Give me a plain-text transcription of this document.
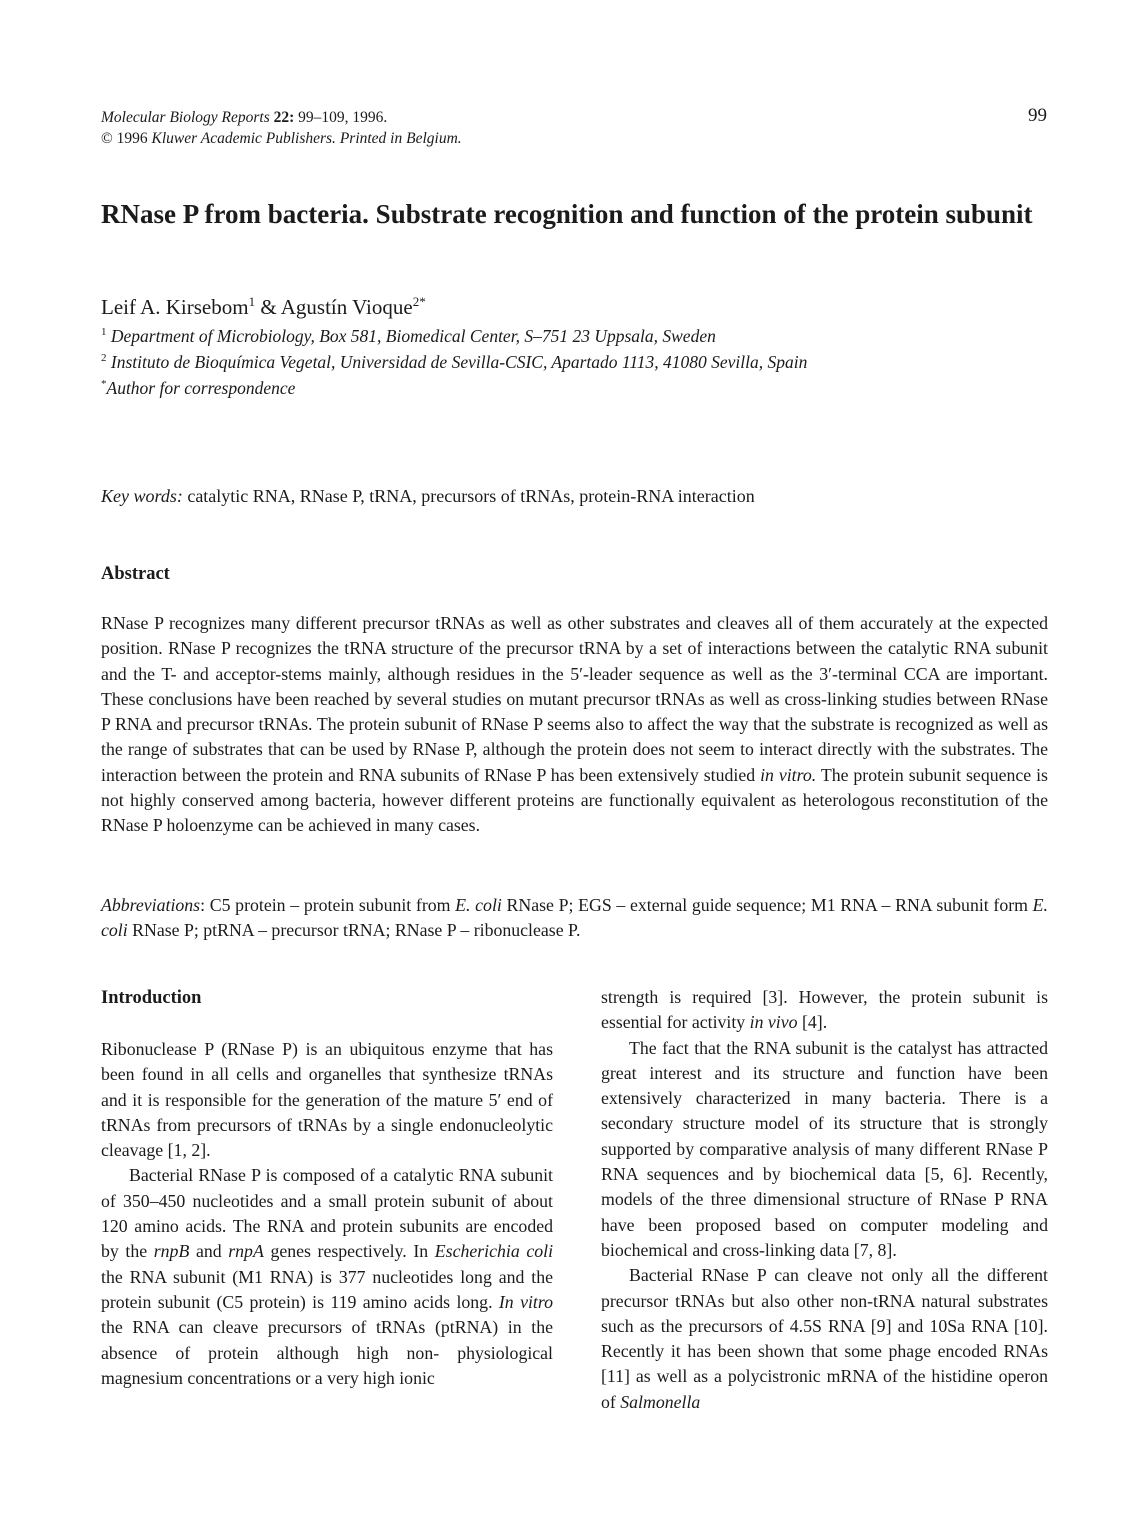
Molecular Biology Reports 22: 99–109, 1996.
© 1996 Kluwer Academic Publishers. Printed in Belgium.
99
RNase P from bacteria. Substrate recognition and function of the protein subunit
Leif A. Kirsebom$^1$ & Agustín Vioque$^{2*}$
$^1$ Department of Microbiology, Box 581, Biomedical Center, S–751 23 Uppsala, Sweden
$^2$ Instituto de Bioquímica Vegetal, Universidad de Sevilla-CSIC, Apartado 1113, 41080 Sevilla, Spain
*Author for correspondence
Key words: catalytic RNA, RNase P, tRNA, precursors of tRNAs, protein-RNA interaction
Abstract
RNase P recognizes many different precursor tRNAs as well as other substrates and cleaves all of them accurately at the expected position. RNase P recognizes the tRNA structure of the precursor tRNA by a set of interactions between the catalytic RNA subunit and the T- and acceptor-stems mainly, although residues in the 5′-leader sequence as well as the 3′-terminal CCA are important. These conclusions have been reached by several studies on mutant precursor tRNAs as well as cross-linking studies between RNase P RNA and precursor tRNAs. The protein subunit of RNase P seems also to affect the way that the substrate is recognized as well as the range of substrates that can be used by RNase P, although the protein does not seem to interact directly with the substrates. The interaction between the protein and RNA subunits of RNase P has been extensively studied in vitro. The protein subunit sequence is not highly conserved among bacteria, however different proteins are functionally equivalent as heterologous reconstitution of the RNase P holoenzyme can be achieved in many cases.
Abbreviations: C5 protein – protein subunit from E. coli RNase P; EGS – external guide sequence; M1 RNA – RNA subunit form E. coli RNase P; ptRNA – precursor tRNA; RNase P – ribonuclease P.
Introduction

Ribonuclease P (RNase P) is an ubiquitous enzyme that has been found in all cells and organelles that synthesize tRNAs and it is responsible for the generation of the mature 5′ end of tRNAs from precursors of tRNAs by a single endonucleolytic cleavage [1, 2].

Bacterial RNase P is composed of a catalytic RNA subunit of 350–450 nucleotides and a small protein subunit of about 120 amino acids. The RNA and protein subunits are encoded by the rnpB and rnpA genes respectively. In Escherichia coli the RNA subunit (M1 RNA) is 377 nucleotides long and the protein subunit (C5 protein) is 119 amino acids long. In vitro the RNA can cleave precursors of tRNAs (ptRNA) in the absence of protein although high non- physiological magnesium concentrations or a very high ionic

strength is required [3]. However, the protein subunit is essential for activity in vivo [4].

The fact that the RNA subunit is the catalyst has attracted great interest and its structure and function have been extensively characterized in many bacteria. There is a secondary structure model of its structure that is strongly supported by comparative analysis of many different RNase P RNA sequences and by biochemical data [5, 6]. Recently, models of the three dimensional structure of RNase P RNA have been proposed based on computer modeling and biochemical and cross-linking data [7, 8].

Bacterial RNase P can cleave not only all the different precursor tRNAs but also other non-tRNA natural substrates such as the precursors of 4.5S RNA [9] and 10Sa RNA [10]. Recently it has been shown that some phage encoded RNAs [11] as well as a polycistronic mRNA of the histidine operon of Salmonella
